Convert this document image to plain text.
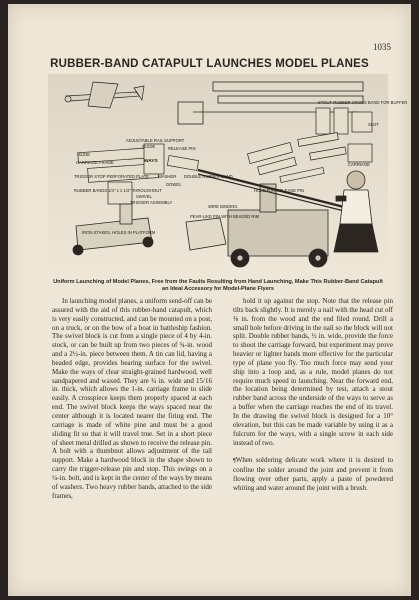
1035
RUBBER-BAND CATAPULT LAUNCHES MODEL PLANES
ADJUSTABLE RAIL SUPPORT
GUIDE	RELEASE PIN
SLIDE
CARRIAGE FRAME	WAYS
WASHER
TRIGGER STOP PERFORATED PLATE
RUBBER BANDS 1/4" x 1 1/4" THROUGHOUT
DOWEL
SWIVEL
TRIGGER ASSEMBLY
DOUBLE RUBBER BAND
STOUT RUBBER CROSS BAND FOR BUFFER
SLOT
CARRIAGE
HOLE FOR RELEASE PIN
WIRE BINDING
PEAR-LIKE PIN WITH BEADED RIM
IRON STAKES, HOLES IN PLATFORM
Uniform Launching of Model Planes, Free from the Faults Resulting from Hand Launching, Make This Rubber-Band Catapult an Ideal Accessory for Model-Plane Flyers

In launching model planes, a uniform send-off can be assured with the aid of this rubber-band catapult, which is very easily constructed, and can be mounted on a post, on a truck, or on the bow of a boat in battleship fashion. The swivel block is cut from a single piece of 4 by 4-in. stock, or can be built up from two pieces of ¾-in. wood and a 2½-in. piece between them. A tin can lid, having a beaded edge, provides bearing surface for the swivel. Make the ways of clear straight-grained hardwood, well sandpapered and waxed. They are ¾ in. wide and 15/16 in. thick, which allows the 1-in. carriage frame to slide easily. A crosspiece keeps them properly spaced at each end. The swivel block keeps the ways spaced near the center although it is located nearer the firing end. The carriage is made of white pine and must be a good sliding fit so that it will travel true. Set in a short piece of sheet metal drilled as shown to receive the release pin. A bolt with a thumbnut allows adjustment of the tail support. Make a hardwood block in the shape shown to carry the trigger-release pin and stop. This swings on a ¼-in. bolt, and is kept in the center of the ways by means of washers. Two heavy rubber bands, attached to the side frames,

hold it up against the stop. Note that the release pin tilts back slightly. It is merely a nail with the head cut off ⅜ in. from the wood and the end filed round. Drill a small hole before driving in the nail so the block will not split. Double rubber bands, ½ in. wide, provide the force to shoot the carriage forward, but experiment may prove heavier or lighter bands more effective for the particular type of plane you fly. Too much force may send your ship into a loop and, as a rule, model planes do not require much speed in launching. Near the forward end, the location being determined by test, attach a stout rubber band across the underside of the ways to serve as a buffer when the carriage reaches the end of its travel. In the drawing the swivel block is designed for a 10° elevation, but this can be made variable by using it as a fulcrum for the ways, with a single screw in each side instead of two.

¶When soldering delicate work where it is desired to confine the solder around the joint and prevent it from flowing over other parts, apply a paste of powdered whiting and water around the joint with a brush.
